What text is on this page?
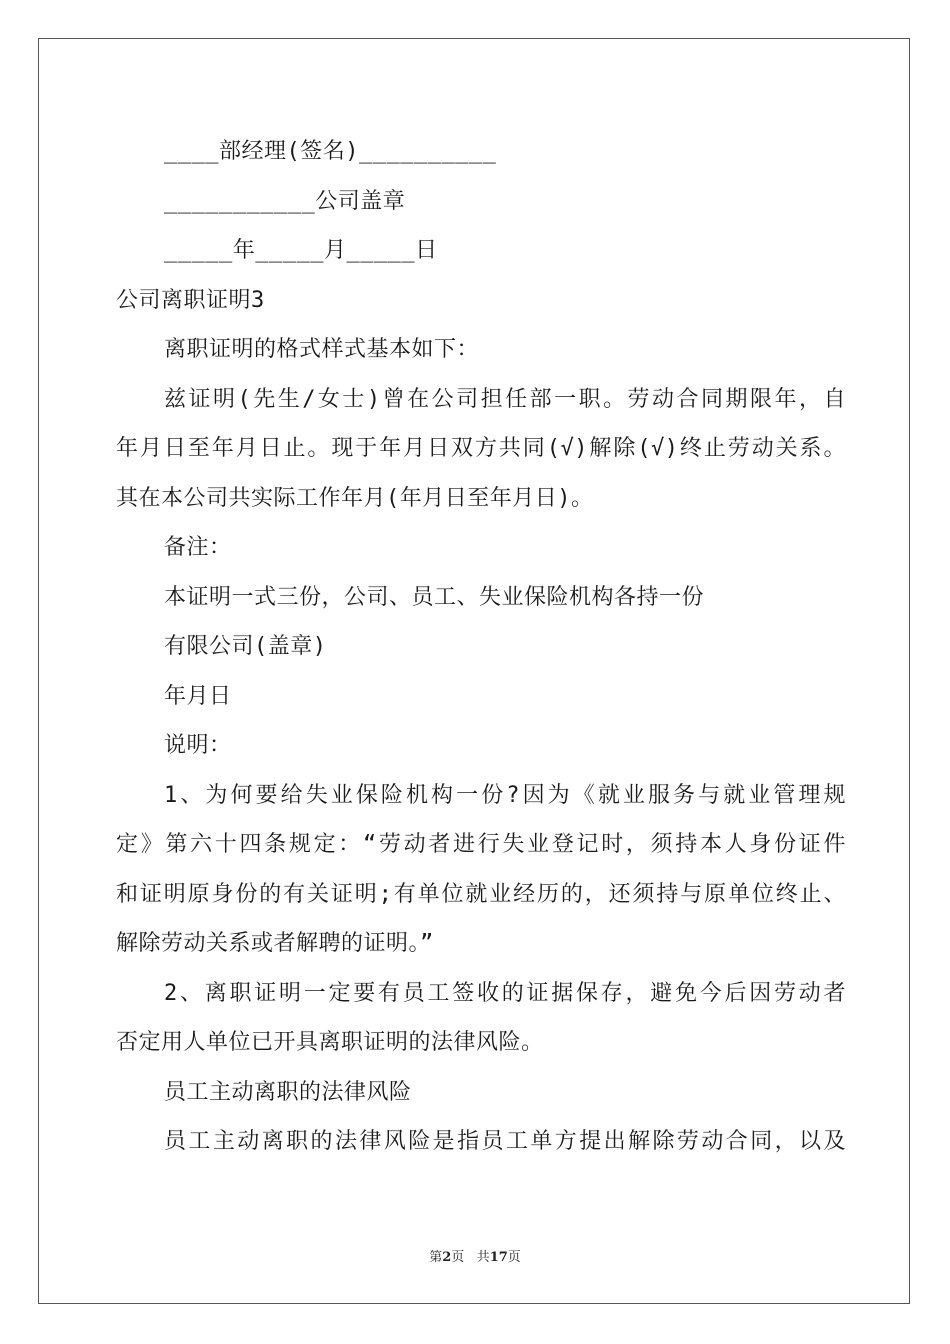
____部经理(签名)__________
___________公司盖章
_____年_____月_____日
公司离职证明3
离职证明的格式样式基本如下：
兹证明(先生/女士)曾在公司担任部一职。劳动合同期限年，自
年月日至年月日止。现于年月日双方共同(√)解除(√)终止劳动关系。
其在本公司共实际工作年月(年月日至年月日)。
备注：
本证明一式三份，公司、员工、失业保险机构各持一份
有限公司(盖章)
年月日
说明：
1、为何要给失业保险机构一份?因为《就业服务与就业管理规
定》第六十四条规定：“劳动者进行失业登记时，须持本人身份证件
和证明原身份的有关证明;有单位就业经历的，还须持与原单位终止、
解除劳动关系或者解聘的证明。”
2、离职证明一定要有员工签收的证据保存，避免今后因劳动者
否定用人单位已开具离职证明的法律风险。
员工主动离职的法律风险
员工主动离职的法律风险是指员工单方提出解除劳动合同，以及
第2页 共17页
